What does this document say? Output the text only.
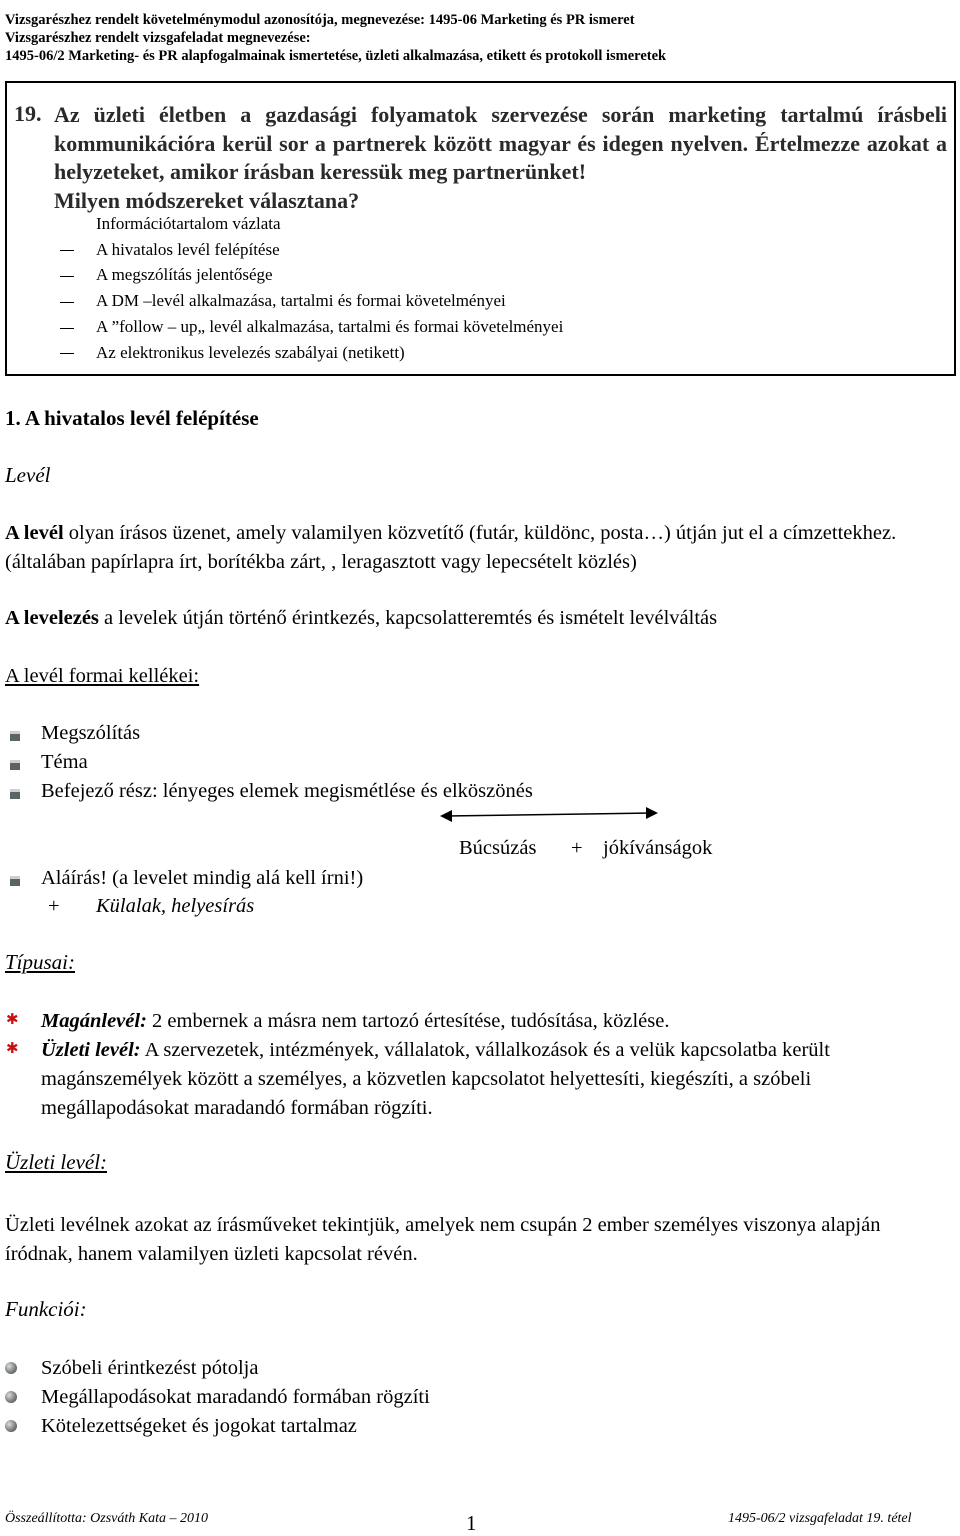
Vizsgarészhez rendelt követelménymodul azonosítója, megnevezése: 1495-06 Marketing és PR ismeret
Vizsgarészhez rendelt vizsgafeladat megnevezése:
1495-06/2 Marketing- és PR alapfogalmainak ismertetése, üzleti alkalmazása, etikett és protokoll ismeretek
19. Az üzleti életben a gazdasági folyamatok szervezése során marketing tartalmú írásbeli kommunikációra kerül sor a partnerek között magyar és idegen nyelven. Értelmezze azokat a helyzeteket, amikor írásban keressük meg partnerünket!
Milyen módszereket választana?
Információtartalom vázlata
A hivatalos levél felépítése
A megszólítás jelentősége
A DM –levél alkalmazása, tartalmi és formai követelményei
A ”follow – up„ levél alkalmazása, tartalmi és formai követelményei
Az elektronikus levelezés szabályai (netikett)
1. A hivatalos levél felépítése
Levél
A levél olyan írásos üzenet, amely valamilyen közvetítő (futár, küldönc, posta…) útján jut el a címzettekhez.(általában papírlapra írt, borítékba zárt, , leragasztott vagy lepecsételt közlés)
A levelezés a levelek útján történő érintkezés, kapcsolatteremtés és ismételt levélváltás
A levél formai kellékei:
Megszólítás
Téma
Befejező rész: lényeges elemek megismétlése és elköszönés
Búcsúzás + jókívánságok
Aláírás! (a levelet mindig alá kell írni!)
+ Külalak, helyesírás
Típusai:
✱ Magánlevél: 2 embernek a másra nem tartozó értesítése, tudósítása, közlése.
✱ Üzleti levél: A szervezetek, intézmények, vállalatok, vállalkozások és a velük kapcsolatba került magánszemélyek között a személyes, a közvetlen kapcsolatot helyettesíti, kiegészíti, a szóbeli megállapodásokat maradandó formában rögzíti.
Üzleti levél:
Üzleti levélnek azokat az írásműveket tekintjük, amelyek nem csupán 2 ember személyes viszonya alapján íródnak, hanem valamilyen üzleti kapcsolat révén.
Funkciói:
Szóbeli érintkezést pótolja
Megállapodásokat maradandó formában rögzíti
Kötelezettségeket és jogokat tartalmaz
Összeállította: Ozsváth Kata – 2010	1	1495-06/2 vizsgafeladat 19. tétel
